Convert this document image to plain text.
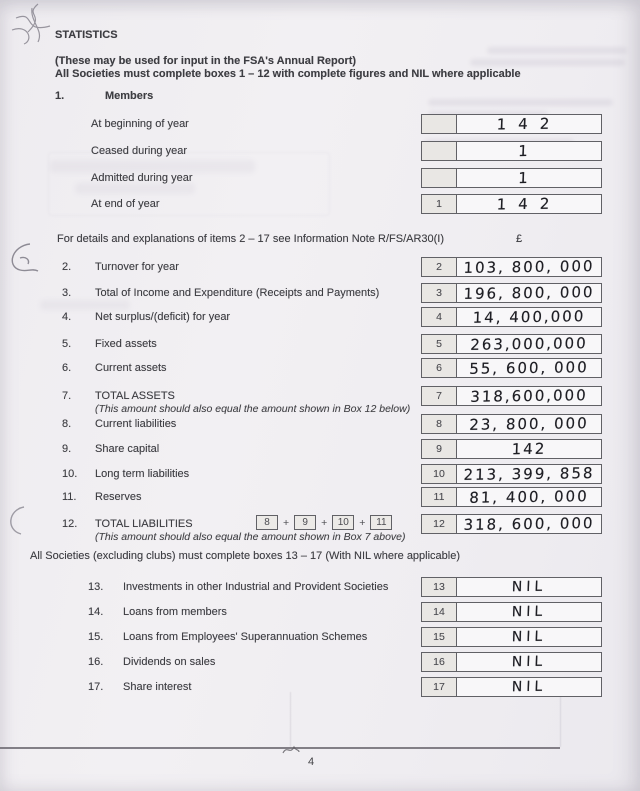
STATISTICS
(These may be used for input in the FSA's Annual Report)
All Societies must complete boxes 1 – 12 with complete figures and NIL where applicable
1.	Members
At beginning of year	142
Ceased during year	1
Admitted during year	1
At end of year	1	142
For details and explanations of items 2 – 17 see Information Note R/FS/AR30(I)	£
2. Turnover for year	2	103, 800, 000
3. Total of Income and Expenditure (Receipts and Payments)	3	196, 800, 000
4. Net surplus/(deficit) for year	4	14, 400,000
5. Fixed assets	5	263,000,000
6. Current assets	6	55, 600, 000
7. TOTAL ASSETS	7	318,600,000
(This amount should also equal the amount shown in Box 12 below)
8. Current liabilities	8	23, 800, 000
9. Share capital	9	142
10. Long term liabilities	10	213, 399, 858
11. Reserves	11	81, 400, 000
12. TOTAL LIABILITIES	12	318, 600, 000
8	+	9	+	10 +	11
(This amount should also equal the amount shown in Box 7 above)
All Societies (excluding clubs) must complete boxes 13 – 17 (With NIL where applicable)
13. Investments in other Industrial and Provident Societies	13	NIL
14. Loans from members	14	NIL
15. Loans from Employees' Superannuation Schemes	15	NIL
16. Dividends on sales	16	NIL
17. Share interest	17	NIL
4
